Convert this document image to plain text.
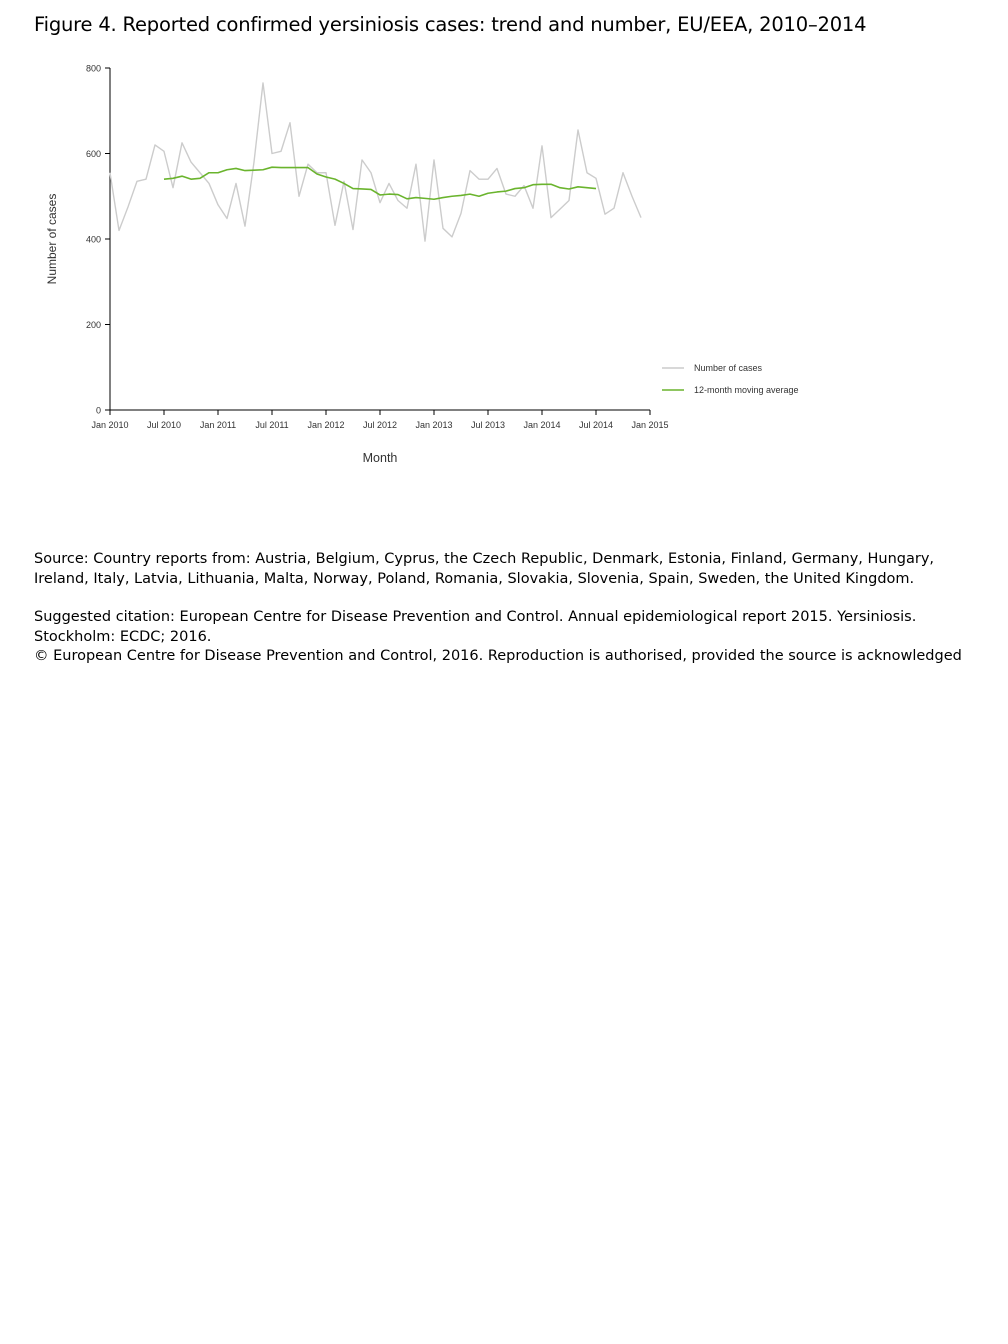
Figure 4. Reported confirmed yersiniosis cases: trend and number, EU/EEA, 2010–2014
0
200
400
600
800
Jan 2010 Jul 2010 Jan 2011 Jul 2011 Jan 2012 Jul 2012 Jan 2013 Jul 2013 Jan 2014 Jul 2014 Jan 2015
Number of cases
12-month moving average
Month
Number of cases

Source: Country reports from: Austria, Belgium, Cyprus, the Czech Republic, Denmark, Estonia, Finland, Germany, Hungary, Ireland, Italy, Latvia, Lithuania, Malta, Norway, Poland, Romania, Slovakia, Slovenia, Spain, Sweden, the United Kingdom.

Suggested citation: European Centre for Disease Prevention and Control. Annual epidemiological report 2015. Yersiniosis.

Stockholm: ECDC; 2016.

© European Centre for Disease Prevention and Control, 2016. Reproduction is authorised, provided the source is acknowledged
